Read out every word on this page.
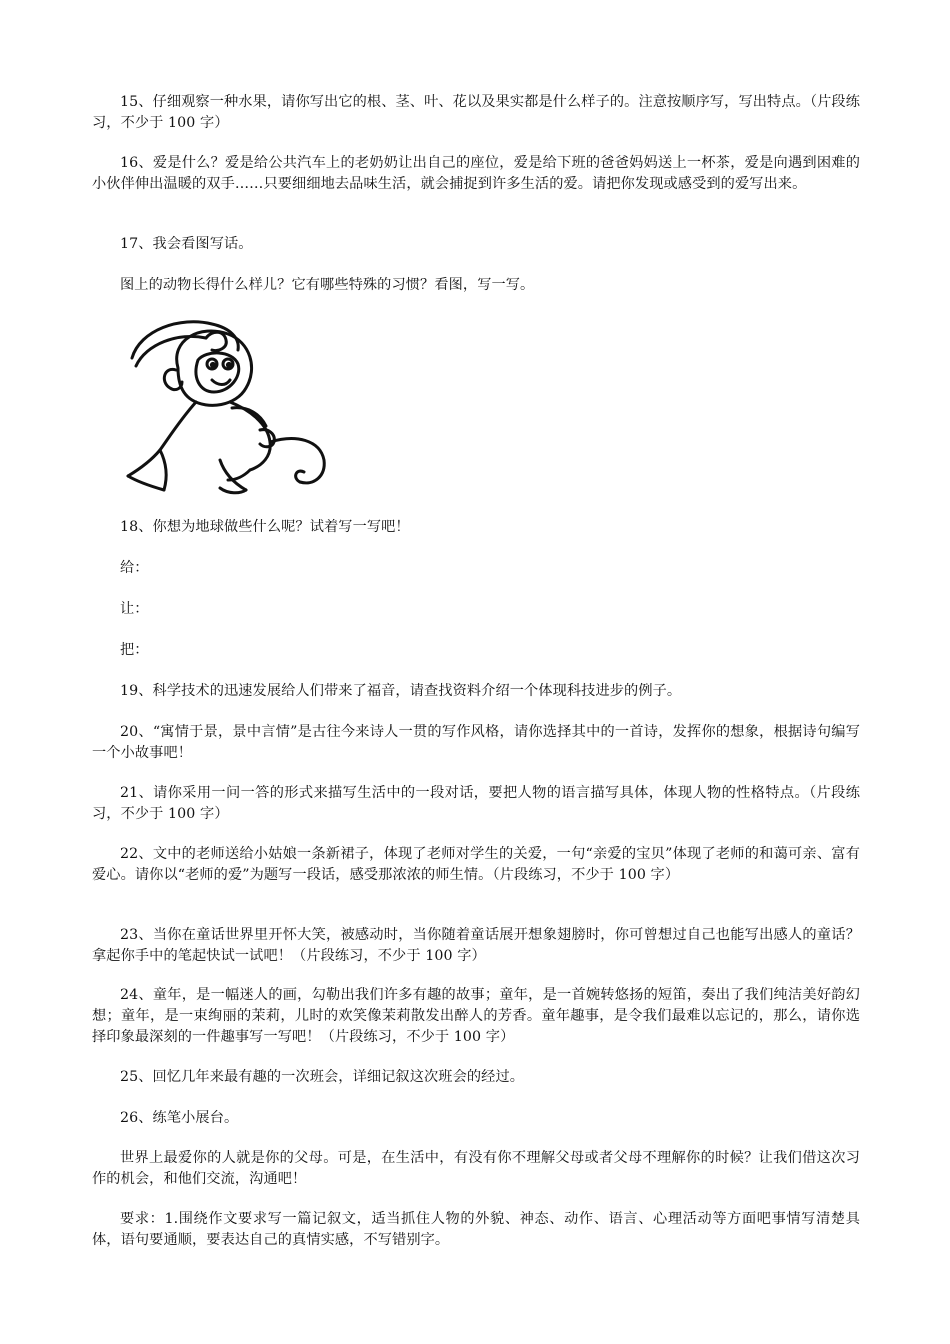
15、仔细观察一种水果，请你写出它的根、茎、叶、花以及果实都是什么样子的。注意按顺序写，写出特点。（片段练习，不少于 100 字）

16、爱是什么？爱是给公共汽车上的老奶奶让出自己的座位，爱是给下班的爸爸妈妈送上一杯茶，爱是向遇到困难的小伙伴伸出温暖的双手……只要细细地去品味生活，就会捕捉到许多生活的爱。请把你发现或感受到的爱写出来。

17、我会看图写话。

图上的动物长得什么样儿？它有哪些特殊的习惯？看图，写一写。

18、你想为地球做些什么呢？试着写一写吧！

给：

让：

把：

19、科学技术的迅速发展给人们带来了福音，请查找资料介绍一个体现科技进步的例子。

20、“寓情于景，景中言情”是古往今来诗人一贯的写作风格，请你选择其中的一首诗，发挥你的想象，根据诗句编写一个小故事吧！

21、请你采用一问一答的形式来描写生活中的一段对话，要把人物的语言描写具体，体现人物的性格特点。（片段练习，不少于 100 字）

22、文中的老师送给小姑娘一条新裙子，体现了老师对学生的关爱，一句“亲爱的宝贝”体现了老师的和蔼可亲、富有爱心。请你以“老师的爱”为题写一段话，感受那浓浓的师生情。（片段练习，不少于 100 字）

23、当你在童话世界里开怀大笑，被感动时，当你随着童话展开想象翅膀时，你可曾想过自己也能写出感人的童话？拿起你手中的笔起快试一试吧！（片段练习，不少于 100 字）

24、童年，是一幅迷人的画，勾勒出我们许多有趣的故事；童年，是一首婉转悠扬的短笛，奏出了我们纯洁美好韵幻想；童年，是一束绚丽的茉莉，儿时的欢笑像茉莉散发出醉人的芳香。童年趣事，是令我们最难以忘记的，那么，请你选择印象最深刻的一件趣事写一写吧！（片段练习，不少于 100 字）

25、回忆几年来最有趣的一次班会，详细记叙这次班会的经过。

26、练笔小展台。

世界上最爱你的人就是你的父母。可是，在生活中，有没有你不理解父母或者父母不理解你的时候？让我们借这次习作的机会，和他们交流，沟通吧！

要求：1.围绕作文要求写一篇记叙文，适当抓住人物的外貌、神态、动作、语言、心理活动等方面吧事情写清楚具体，语句要通顺，要表达自己的真情实感，不写错别字。
